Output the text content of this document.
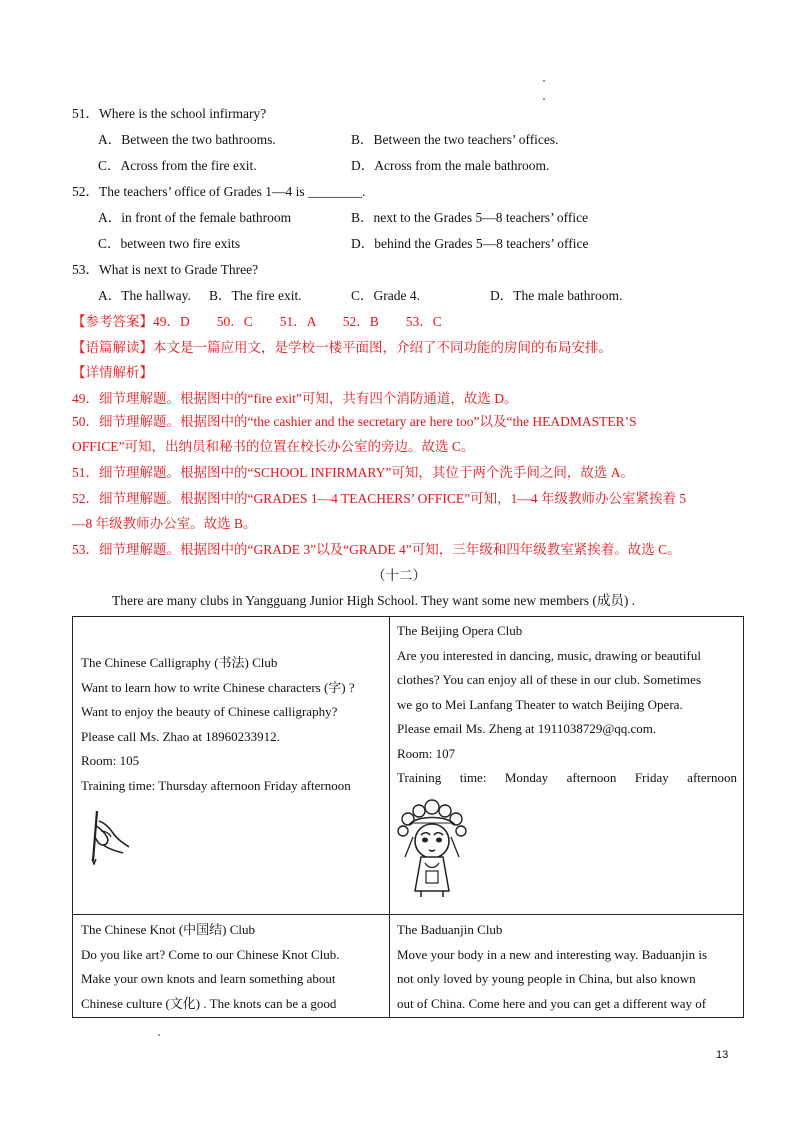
51．Where is the school infirmary?
A．Between the two bathrooms.	B．Between the two teachers’ offices.
C．Across from the fire exit.	D．Across from the male bathroom.
52．The teachers’ office of Grades 1—4 is ________.
A．in front of the female bathroom	B．next to the Grades 5—8 teachers’ office
C．between two fire exits	D．behind the Grades 5—8 teachers’ office
53．What is next to Grade Three?
A．The hallway. B．The fire exit.	C．Grade 4.	D．The male bathroom.
【参考答案】49．D　　50．C　　51．A　　52．B　　53．C
【语篇解读】本文是一篇应用文，是学校一楼平面图，介绍了不同功能的房间的布局安排。
【详情解析】
49．细节理解题。根据图中的“fire exit”可知，共有四个消防通道，故选 D。
50．细节理解题。根据图中的“the cashier and the secretary are here too”以及“the HEADMASTER’S
OFFICE”可知，出纳员和秘书的位置在校长办公室的旁边。故选 C。
51．细节理解题。根据图中的“SCHOOL INFIRMARY”可知，其位于两个洗手间之间，故选 A。
52．细节理解题。根据图中的“GRADES 1—4 TEACHERS’ OFFICE”可知，1—4 年级教师办公室紧挨着 5
—8 年级教师办公室。故选 B。
53．细节理解题。根据图中的“GRADE 3”以及“GRADE 4”可知，三年级和四年级教室紧挨着。故选 C。
（十二）
There are many clubs in Yangguang Junior High School. They want some new members (成员) .
The Chinese Calligraphy (书法) Club
Want to learn how to write Chinese characters (字) ?
Want to enjoy the beauty of Chinese calligraphy?
Please call Ms. Zhao at 18960233912.
Room: 105
Training time: Thursday afternoon Friday afternoon
The Beijing Opera Club
Are you interested in dancing, music, drawing or beautiful
clothes? You can enjoy all of these in our club. Sometimes
we go to Mei Lanfang Theater to watch Beijing Opera.
Please email Ms. Zheng at 1911038729@qq.com.
Room: 107
Training time: Monday afternoon Friday afternoon
The Chinese Knot (中国结) Club
Do you like art? Come to our Chinese Knot Club.
Make your own knots and learn something about
Chinese culture (文化) . The knots can be a good
The Baduanjin Club
Move your body in a new and interesting way. Baduanjin is
not only loved by young people in China, but also known
out of China. Come here and you can get a different way of
13
